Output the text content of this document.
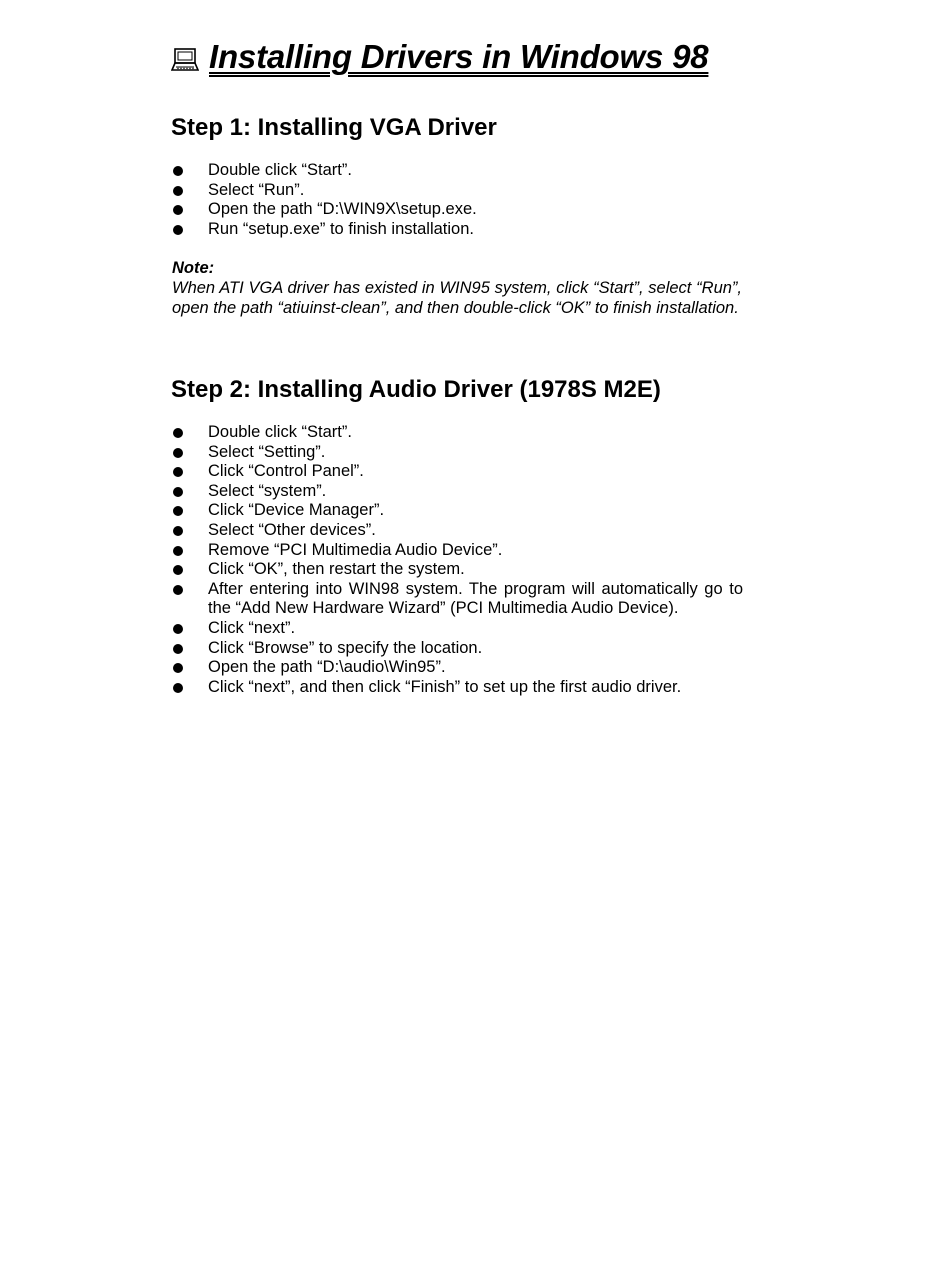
Installing Drivers in Windows 98
Step 1: Installing VGA Driver
Double click “Start”.
Select “Run”.
Open the path “D:\WIN9X\setup.exe.
Run “setup.exe” to finish installation.
Note:
When ATI VGA driver has existed in WIN95 system, click “Start”, select “Run”, open the path “atiuinst-clean”, and then double-click “OK” to finish installation.
Step 2: Installing Audio Driver (1978S M2E)
Double click “Start”.
Select “Setting”.
Click “Control Panel”.
Select “system”.
Click “Device Manager”.
Select “Other devices”.
Remove “PCI Multimedia Audio Device”.
Click “OK”, then restart the system.
After entering into WIN98 system. The program will automatically go to the “Add New Hardware Wizard” (PCI Multimedia Audio Device).
Click “next”.
Click “Browse” to specify the location.
Open the path “D:\audio\Win95”.
Click “next”, and then click “Finish” to set up the first audio driver.
